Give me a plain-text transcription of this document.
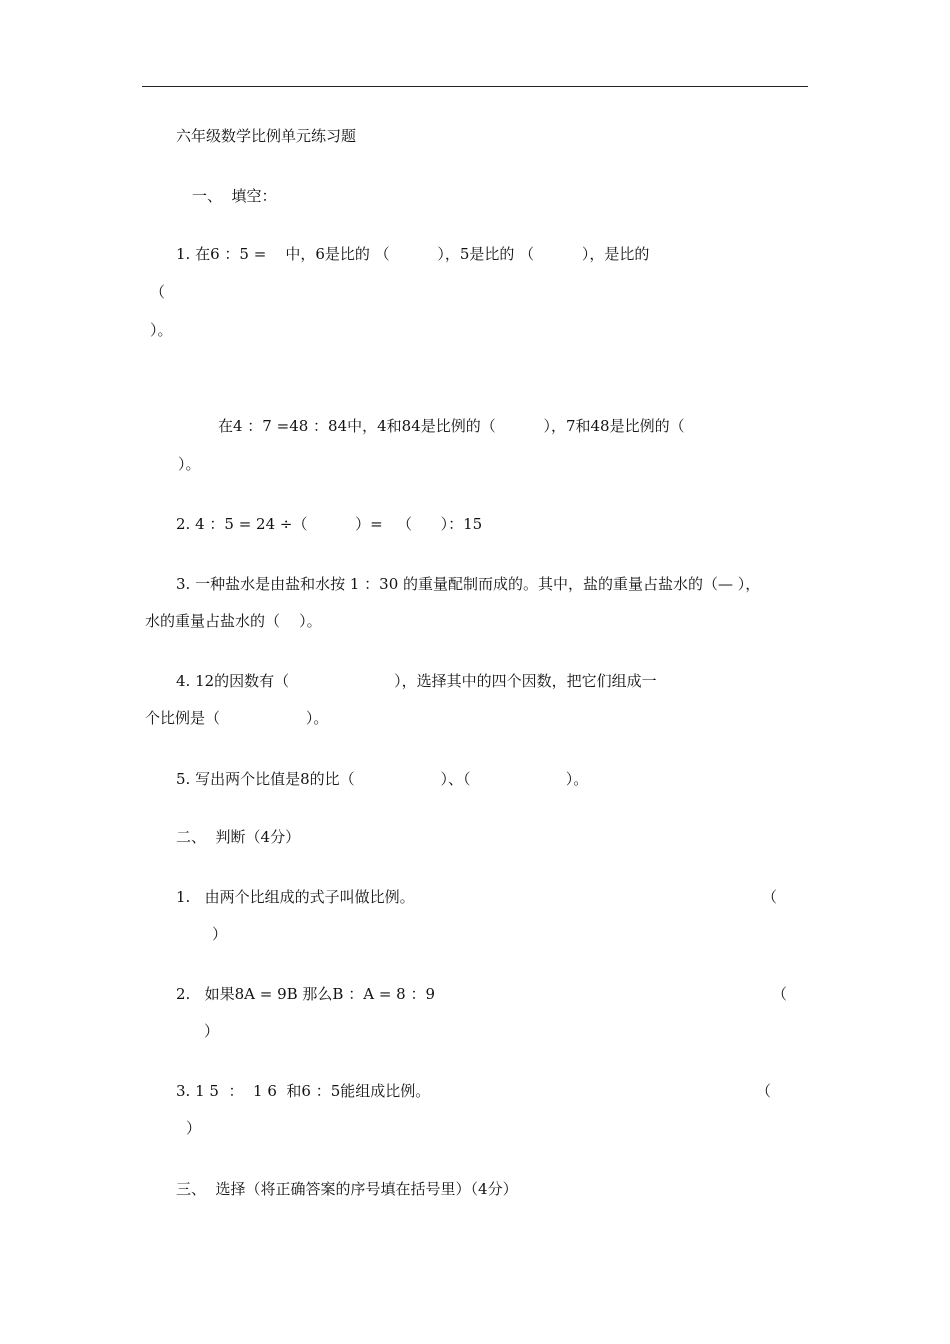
六年级数学比例单元练习题
一、  填空：
1. 在6 ：5 =    中，6是比的 （          ），5是比的 （          ），是比的
（
）。
在4 ：7 =48 ：84中，4和84是比例的（          ），7和48是比例的（
）。
2. 4 ：5 = 24 ÷（          ）=   （      ）：15
3. 一种盐水是由盐和水按 1 ：30 的重量配制而成的。其中，盐的重量占盐水的（— ），
水的重量占盐水的（    ）。
4. 12的因数有（                      ），选择其中的四个因数，把它们组成一
个比例是（                  ）。
5. 写出两个比值是8的比（                  ）、（                    ）。
二、  判断（4分）
1.   由两个比组成的式子叫做比例。	（
）
2.   如果8A = 9B 那么B ：A = 8 ：9	（
）
3. 1 5  ：  1 6  和6 ：5能组成比例。	（
）
三、  选择（将正确答案的序号填在括号里）（4分）
